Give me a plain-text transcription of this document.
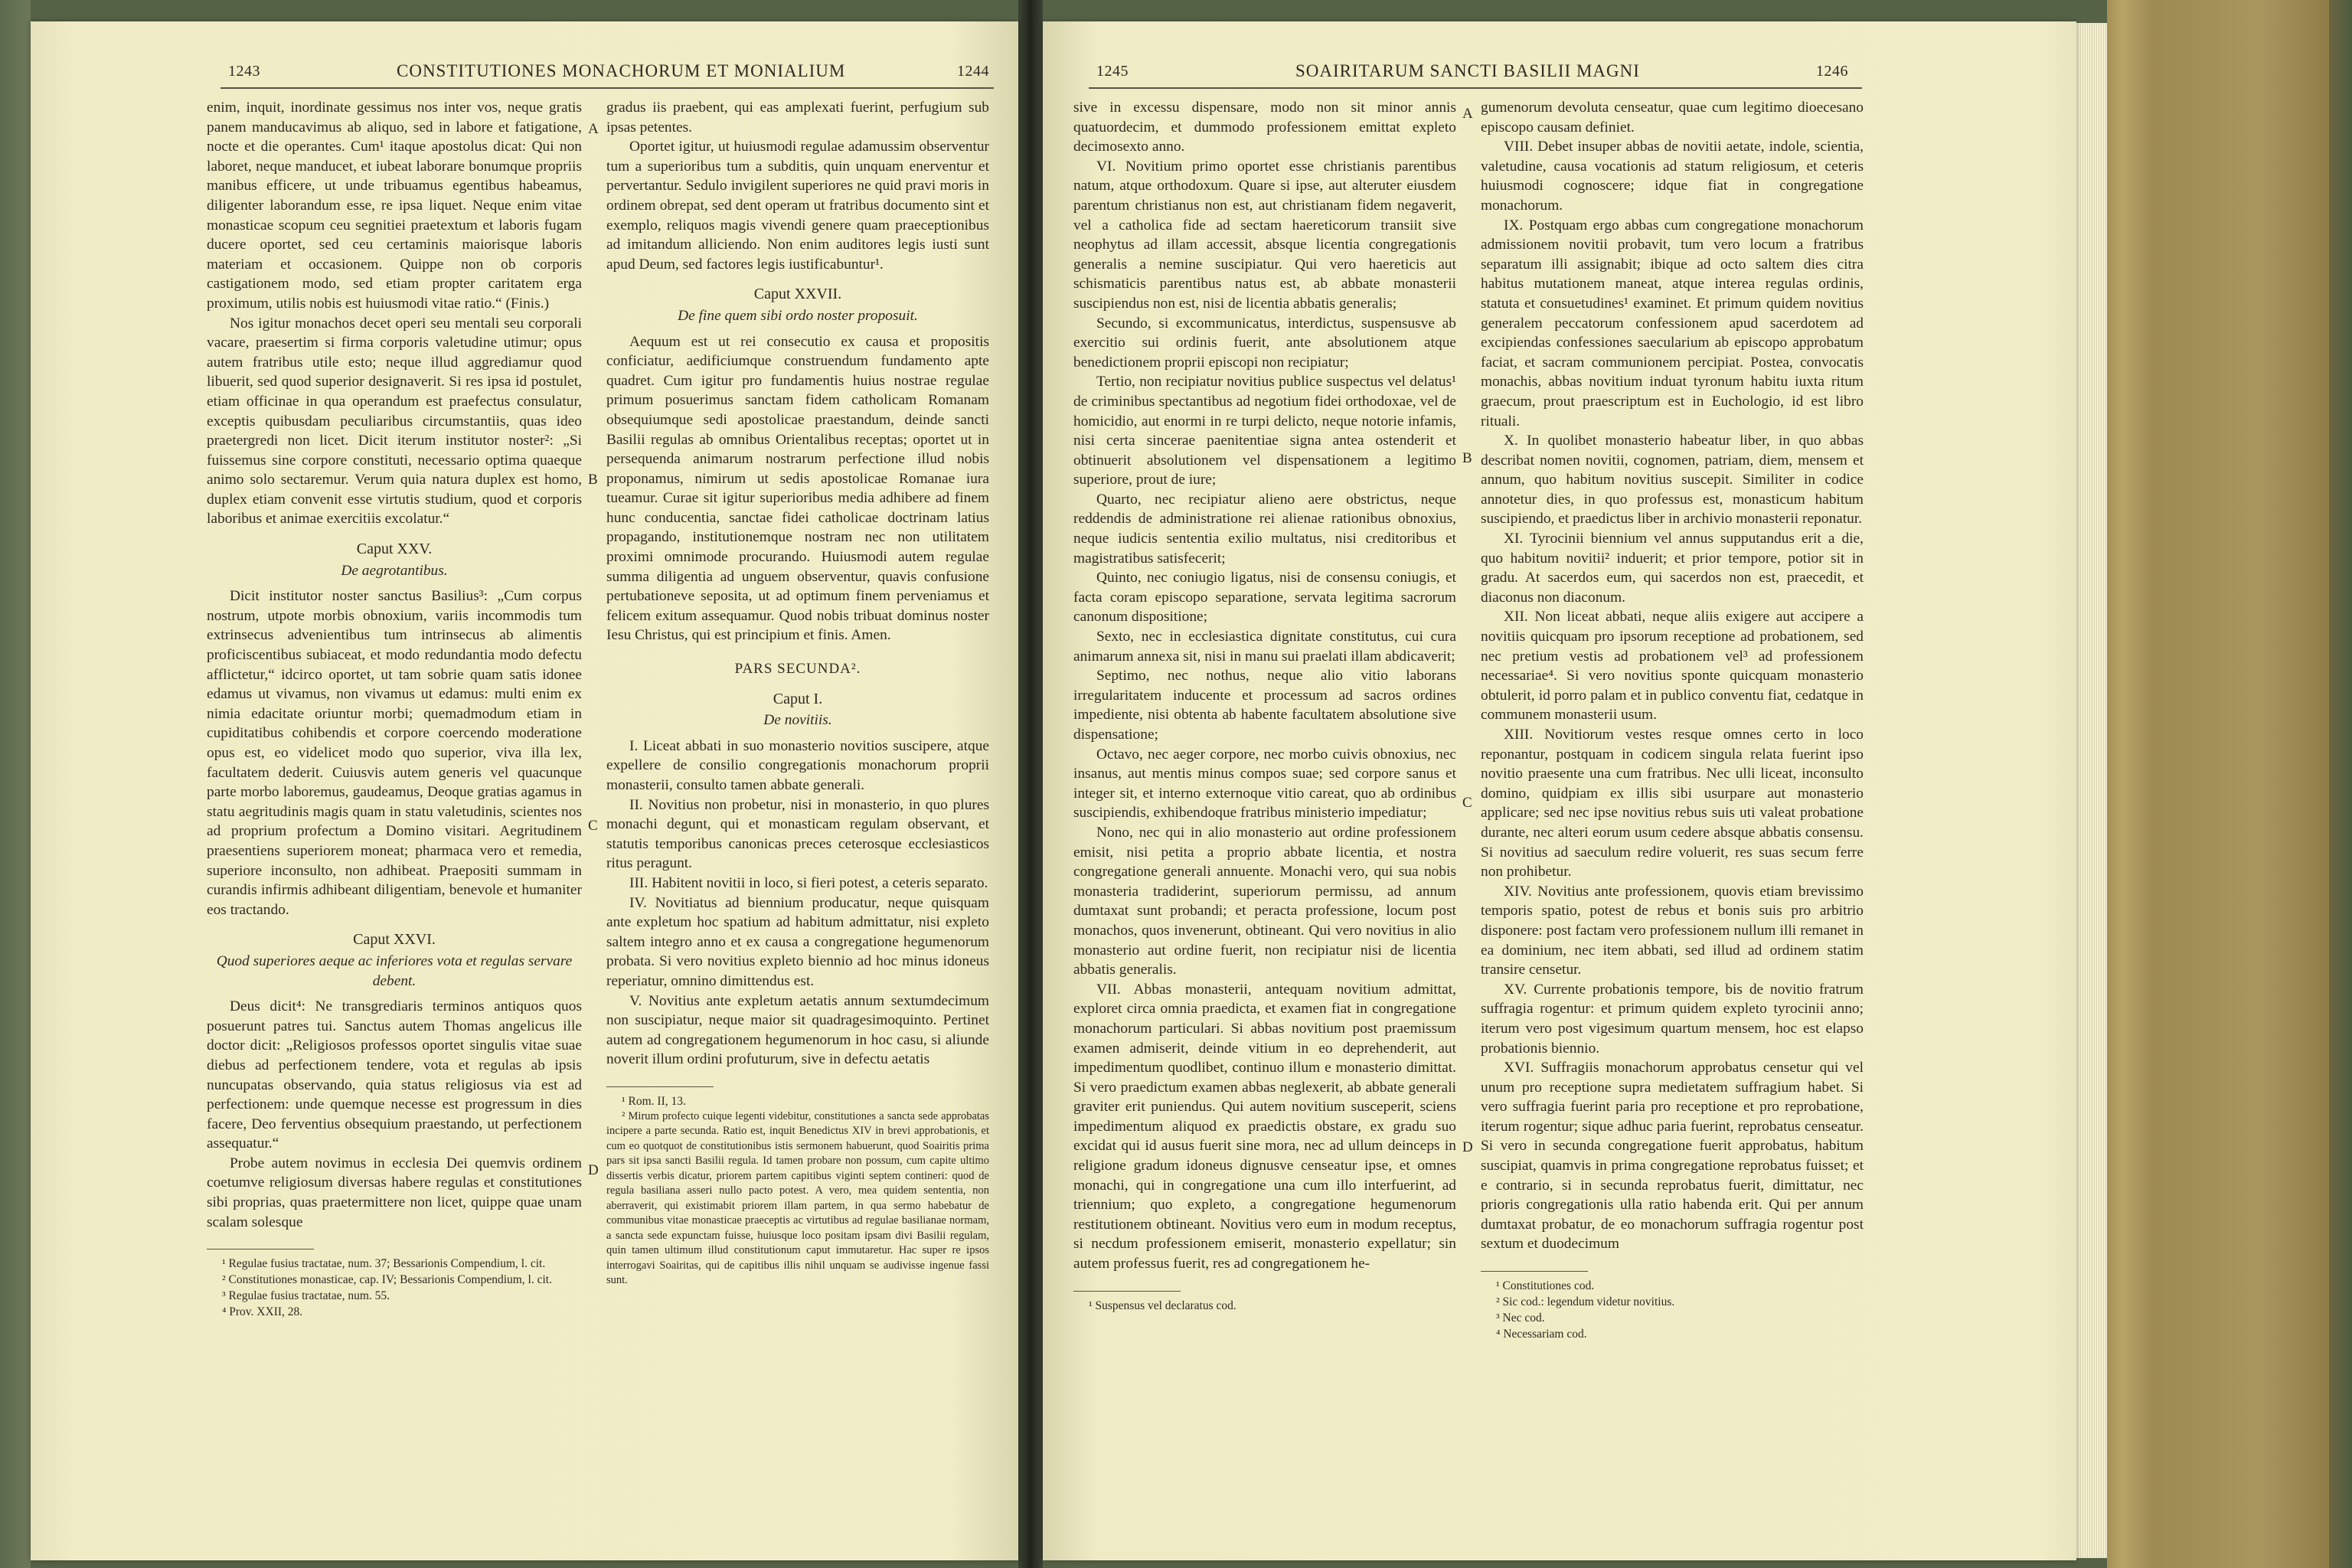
1243	CONSTITUTIONES MONACHORUM ET MONIALIUM	1244

enim, inquit, inordinate gessimus nos inter vos, neque gratis panem manducavimus ab aliquo, sed in labore et fatigatione, nocte et die operantes. Cum¹ itaque apostolus dicat: Qui non laboret, neque manducet, et iubeat laborare bonumque propriis manibus efficere, ut unde tribuamus egentibus habeamus, diligenter laborandum esse, re ipsa liquet. Neque enim vitae monasticae scopum ceu segnitiei praetextum et laboris fugam ducere oportet, sed ceu certaminis maiorisque laboris materiam et occasionem. Quippe non ob corporis castigationem modo, sed etiam propter caritatem erga proximum, utilis nobis est huiusmodi vitae ratio.“ (Finis.)

Nos igitur monachos decet operi seu mentali seu corporali vacare, praesertim si firma corporis valetudine utimur; opus autem fratribus utile esto; neque illud aggrediamur quod libuerit, sed quod superior designaverit. Si res ipsa id postulet, etiam officinae in qua operandum est praefectus consulatur, exceptis quibusdam peculiaribus circumstantiis, quas ideo praetergredi non licet. Dicit iterum institutor noster²: „Si fuissemus sine corpore constituti, necessario optima quaeque animo solo sectaremur. Verum quia natura duplex est homo, duplex etiam convenit esse virtutis studium, quod et corporis laboribus et animae exercitiis excolatur.“

Caput XXV.

De aegrotantibus.

Dicit institutor noster sanctus Basilius³: „Cum corpus nostrum, utpote morbis obnoxium, variis incommodis tum extrinsecus advenientibus tum intrinsecus ab alimentis proficiscentibus subiaceat, et modo redundantia modo defectu afflictetur,“ idcirco oportet, ut tam sobrie quam satis idonee edamus ut vivamus, non vivamus ut edamus: multi enim ex nimia edacitate oriuntur morbi; quemadmodum etiam in cupiditatibus cohibendis et corpore coercendo moderatione opus est, eo videlicet modo quo superior, viva illa lex, facultatem dederit. Cuiusvis autem generis vel quacunque parte morbo laboremus, gaudeamus, Deoque gratias agamus in statu aegritudinis magis quam in statu valetudinis, scientes nos ad proprium profectum a Domino visitari. Aegritudinem praesentiens superiorem moneat; pharmaca vero et remedia, superiore inconsulto, non adhibeat. Praepositi summam in curandis infirmis adhibeant diligentiam, benevole et humaniter eos tractando.

Caput XXVI.

Quod superiores aeque ac inferiores vota et regulas servare debent.

Deus dicit⁴: Ne transgrediaris terminos antiquos quos posuerunt patres tui. Sanctus autem Thomas angelicus ille doctor dicit: „Religiosos professos oportet singulis vitae suae diebus ad perfectionem tendere, vota et regulas ab ipsis nuncupatas observando, quia status religiosus via est ad perfectionem: unde quemque necesse est progressum in dies facere, Deo ferventius obsequium praestando, ut perfectionem assequatur.“

Probe autem novimus in ecclesia Dei quemvis ordinem coetumve religiosum diversas habere regulas et constitutiones sibi proprias, quas praetermittere non licet, quippe quae unam scalam solesque

¹ Regulae fusius tractatae, num. 37; Bessarionis Compendium, l. cit.

² Constitutiones monasticae, cap. IV; Bessarionis Compendium, l. cit.

³ Regulae fusius tractatae, num. 55.

⁴ Prov. XXII, 28.

A
B
C
D

gradus iis praebent, qui eas amplexati fuerint, perfugium sub ipsas petentes.

Oportet igitur, ut huiusmodi regulae adamussim observentur tum a superioribus tum a subditis, quin unquam enerventur et pervertantur. Sedulo invigilent superiores ne quid pravi moris in ordinem obrepat, sed dent operam ut fratribus documento sint et exemplo, reliquos magis vivendi genere quam praeceptionibus ad imitandum alliciendo. Non enim auditores legis iusti sunt apud Deum, sed factores legis iustificabuntur¹.

Caput XXVII.

De fine quem sibi ordo noster proposuit.

Aequum est ut rei consecutio ex causa et propositis conficiatur, aedificiumque construendum fundamento apte quadret. Cum igitur pro fundamentis huius nostrae regulae primum posuerimus sanctam fidem catholicam Romanam obsequiumque sedi apostolicae praestandum, deinde sancti Basilii regulas ab omnibus Orientalibus receptas; oportet ut in persequenda animarum nostrarum perfectione illud nobis proponamus, nimirum ut sedis apostolicae Romanae iura tueamur. Curae sit igitur superioribus media adhibere ad finem hunc conducentia, sanctae fidei catholicae doctrinam latius propagando, institutionemque nostram nec non utilitatem proximi omnimode procurando. Huiusmodi autem regulae summa diligentia ad unguem observentur, quavis confusione pertubationeve seposita, ut ad optimum finem perveniamus et felicem exitum assequamur. Quod nobis tribuat dominus noster Iesu Christus, qui est principium et finis. Amen.

PARS SECUNDA².

Caput I.

De novitiis.

I. Liceat abbati in suo monasterio novitios suscipere, atque expellere de consilio congregationis monachorum proprii monasterii, consulto tamen abbate generali.

II. Novitius non probetur, nisi in monasterio, in quo plures monachi degunt, qui et monasticam regulam observant, et statutis temporibus canonicas preces ceterosque ecclesiasticos ritus peragunt.

III. Habitent novitii in loco, si fieri potest, a ceteris separato.

IV. Novitiatus ad biennium producatur, neque quisquam ante expletum hoc spatium ad habitum admittatur, nisi expleto saltem integro anno et ex causa a congregatione hegumenorum probata. Si vero novitius expleto biennio ad hoc minus idoneus reperiatur, omnino dimittendus est.

V. Novitius ante expletum aetatis annum sextumdecimum non suscipiatur, neque maior sit quadragesimoquinto. Pertinet autem ad congregationem hegumenorum in hoc casu, si aliunde noverit illum ordini profuturum, sive in defectu aetatis

¹ Rom. II, 13.

² Mirum profecto cuique legenti videbitur, constitutiones a sancta sede approbatas incipere a parte secunda. Ratio est, inquit Benedictus XIV in brevi approbationis, et cum eo quotquot de constitutionibus istis sermonem habuerunt, quod Soairitis prima pars sit ipsa sancti Basilii regula. Id tamen probare non possum, cum capite ultimo dissertis verbis dicatur, priorem partem capitibus viginti septem contineri: quod de regula basiliana asseri nullo pacto potest. A vero, mea quidem sententia, non aberraverit, qui existimabit priorem illam partem, in qua sermo habebatur de communibus vitae monasticae praeceptis ac virtutibus ad regulae basilianae normam, a sancta sede expunctam fuisse, huiusque loco positam ipsam divi Basilii regulam, quin tamen ultimum illud constitutionum caput immutaretur. Hac super re ipsos interrogavi Soairitas, qui de capitibus illis nihil unquam se audivisse ingenue fassi sunt.

1245	SOAIRITARUM SANCTI BASILII MAGNI	1246

sive in excessu dispensare, modo non sit minor annis quatuordecim, et dummodo professionem emittat expleto decimosexto anno.

VI. Novitium primo oportet esse christianis parentibus natum, atque orthodoxum. Quare si ipse, aut alteruter eiusdem parentum christianus non est, aut christianam fidem negaverit, vel a catholica fide ad sectam haereticorum transiit sive neophytus ad illam accessit, absque licentia congregationis generalis a nemine suscipiatur. Qui vero haereticis aut schismaticis parentibus natus est, ab abbate monasterii suscipiendus non est, nisi de licentia abbatis generalis;

Secundo, si excommunicatus, interdictus, suspensusve ab exercitio sui ordinis fuerit, ante absolutionem atque benedictionem proprii episcopi non recipiatur;

Tertio, non recipiatur novitius publice suspectus vel delatus¹ de criminibus spectantibus ad negotium fidei orthodoxae, vel de homicidio, aut enormi in re turpi delicto, neque notorie infamis, nisi certa sincerae paenitentiae signa antea ostenderit et obtinuerit absolutionem vel dispensationem a legitimo superiore, prout de iure;

Quarto, nec recipiatur alieno aere obstrictus, neque reddendis de administratione rei alienae rationibus obnoxius, neque iudicis sententia exilio multatus, nisi creditoribus et magistratibus satisfecerit;

Quinto, nec coniugio ligatus, nisi de consensu coniugis, et facta coram episcopo separatione, servata legitima sacrorum canonum dispositione;

Sexto, nec in ecclesiastica dignitate constitutus, cui cura animarum annexa sit, nisi in manu sui praelati illam abdicaverit;

Septimo, nec nothus, neque alio vitio laborans irregularitatem inducente et processum ad sacros ordines impediente, nisi obtenta ab habente facultatem absolutione sive dispensatione;

Octavo, nec aeger corpore, nec morbo cuivis obnoxius, nec insanus, aut mentis minus compos suae; sed corpore sanus et integer sit, et interno externoque vitio careat, quo ab ordinibus suscipiendis, exhibendoque fratribus ministerio impediatur;

Nono, nec qui in alio monasterio aut ordine professionem emisit, nisi petita a proprio abbate licentia, et nostra congregatione generali annuente. Monachi vero, qui sua nobis monasteria tradiderint, superiorum permissu, ad annum dumtaxat sunt probandi; et peracta professione, locum post monachos, quos invenerunt, obtineant. Qui vero novitius in alio monasterio aut ordine fuerit, non recipiatur nisi de licentia abbatis generalis.

VII. Abbas monasterii, antequam novitium admittat, exploret circa omnia praedicta, et examen fiat in congregatione monachorum particulari. Si abbas novitium post praemissum examen admiserit, deinde vitium in eo deprehenderit, aut impedimentum quodlibet, continuo illum e monasterio dimittat. Si vero praedictum examen abbas neglexerit, ab abbate generali graviter erit puniendus. Qui autem novitium susceperit, sciens impedimentum aliquod ex praedictis obstare, ex gradu suo excidat qui id ausus fuerit sine mora, nec ad ullum deinceps in religione gradum idoneus dignusve censeatur ipse, et omnes monachi, qui in congregatione una cum illo interfuerint, ad triennium; quo expleto, a congregatione hegumenorum restitutionem obtineant. Novitius vero eum in modum receptus, si necdum professionem emiserit, monasterio expellatur; sin autem professus fuerit, res ad congregationem he-

¹ Suspensus vel declaratus cod.

A
B
C
D

gumenorum devoluta censeatur, quae cum legitimo dioecesano episcopo causam definiet.

VIII. Debet insuper abbas de novitii aetate, indole, scientia, valetudine, causa vocationis ad statum religiosum, et ceteris huiusmodi cognoscere; idque fiat in congregatione monachorum.

IX. Postquam ergo abbas cum congregatione monachorum admissionem novitii probavit, tum vero locum a fratribus separatum illi assignabit; ibique ad octo saltem dies citra habitus mutationem maneat, atque interea regulas ordinis, statuta et consuetudines¹ examinet. Et primum quidem novitius generalem peccatorum confessionem apud sacerdotem ad excipiendas confessiones saecularium ab episcopo approbatum faciat, et sacram communionem percipiat. Postea, convocatis monachis, abbas novitium induat tyronum habitu iuxta ritum graecum, prout praescriptum est in Euchologio, id est libro rituali.

X. In quolibet monasterio habeatur liber, in quo abbas describat nomen novitii, cognomen, patriam, diem, mensem et annum, quo habitum novitius suscepit. Similiter in codice annotetur dies, in quo professus est, monasticum habitum suscipiendo, et praedictus liber in archivio monasterii reponatur.

XI. Tyrocinii biennium vel annus supputandus erit a die, quo habitum novitii² induerit; et prior tempore, potior sit in gradu. At sacerdos eum, qui sacerdos non est, praecedit, et diaconus non diaconum.

XII. Non liceat abbati, neque aliis exigere aut accipere a novitiis quicquam pro ipsorum receptione ad probationem, sed nec pretium vestis ad probationem vel³ ad professionem necessariae⁴. Si vero novitius sponte quicquam monasterio obtulerit, id porro palam et in publico conventu fiat, cedatque in communem monasterii usum.

XIII. Novitiorum vestes resque omnes certo in loco reponantur, postquam in codicem singula relata fuerint ipso novitio praesente una cum fratribus. Nec ulli liceat, inconsulto domino, quidpiam ex illis sibi usurpare aut monasterio applicare; sed nec ipse novitius rebus suis uti valeat probatione durante, nec alteri eorum usum cedere absque abbatis consensu. Si novitius ad saeculum redire voluerit, res suas secum ferre non prohibetur.

XIV. Novitius ante professionem, quovis etiam brevissimo temporis spatio, potest de rebus et bonis suis pro arbitrio disponere: post factam vero professionem nullum illi remanet in ea dominium, nec item abbati, sed illud ad ordinem statim transire censetur.

XV. Currente probationis tempore, bis de novitio fratrum suffragia rogentur: et primum quidem expleto tyrocinii anno; iterum vero post vigesimum quartum mensem, hoc est elapso probationis biennio.

XVI. Suffragiis monachorum approbatus censetur qui vel unum pro receptione supra medietatem suffragium habet. Si vero suffragia fuerint paria pro receptione et pro reprobatione, iterum rogentur; sique adhuc paria fuerint, reprobatus censeatur. Si vero in secunda congregatione fuerit approbatus, habitum suscipiat, quamvis in prima congregatione reprobatus fuisset; et e contrario, si in secunda reprobatus fuerit, dimittatur, nec prioris congregationis ulla ratio habenda erit. Qui per annum dumtaxat probatur, de eo monachorum suffragia rogentur post sextum et duodecimum

¹ Constitutiones cod.

² Sic cod.: legendum videtur novitius.

³ Nec cod.

⁴ Necessariam cod.
